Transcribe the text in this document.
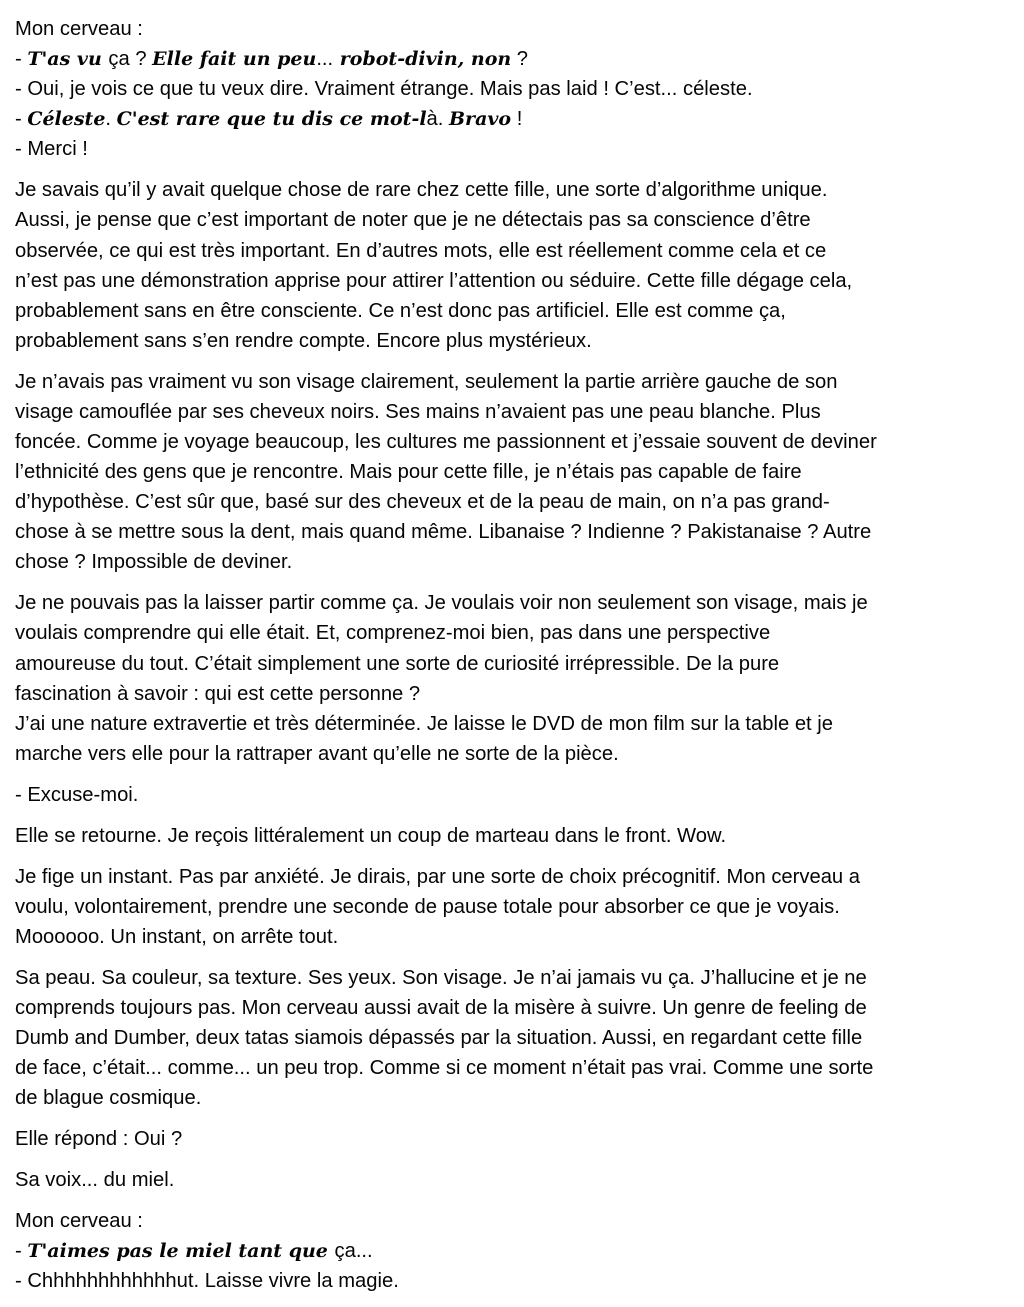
Mon cerveau :
- T'as vu ça ? Elle fait un peu... robot-divin, non ?
- Oui, je vois ce que tu veux dire. Vraiment étrange. Mais pas laid ! C’est... céleste.
- Céleste. C'est rare que tu dis ce mot-là. Bravo !
- Merci !
Je savais qu’il y avait quelque chose de rare chez cette fille, une sorte d’algorithme unique.
Aussi, je pense que c’est important de noter que je ne détectais pas sa conscience d’être
observée, ce qui est très important. En d’autres mots, elle est réellement comme cela et ce
n’est pas une démonstration apprise pour attirer l’attention ou séduire. Cette fille dégage cela,
probablement sans en être consciente. Ce n’est donc pas artificiel. Elle est comme ça,
probablement sans s’en rendre compte. Encore plus mystérieux.
Je n’avais pas vraiment vu son visage clairement, seulement la partie arrière gauche de son
visage camouflée par ses cheveux noirs. Ses mains n’avaient pas une peau blanche. Plus
foncée. Comme je voyage beaucoup, les cultures me passionnent et j’essaie souvent de deviner
l’ethnicité des gens que je rencontre. Mais pour cette fille, je n’étais pas capable de faire
d’hypothèse. C’est sûr que, basé sur des cheveux et de la peau de main, on n’a pas grand-
chose à se mettre sous la dent, mais quand même. Libanaise ? Indienne ? Pakistanaise ? Autre
chose ? Impossible de deviner.
Je ne pouvais pas la laisser partir comme ça. Je voulais voir non seulement son visage, mais je
voulais comprendre qui elle était. Et, comprenez-moi bien, pas dans une perspective
amoureuse du tout. C’était simplement une sorte de curiosité irrépressible. De la pure
fascination à savoir : qui est cette personne ?
J’ai une nature extravertie et très déterminée. Je laisse le DVD de mon film sur la table et je
marche vers elle pour la rattraper avant qu’elle ne sorte de la pièce.
- Excuse-moi.
Elle se retourne. Je reçois littéralement un coup de marteau dans le front. Wow.
Je fige un instant. Pas par anxiété. Je dirais, par une sorte de choix précognitif. Mon cerveau a
voulu, volontairement, prendre une seconde de pause totale pour absorber ce que je voyais.
Moooooo. Un instant, on arrête tout.
Sa peau. Sa couleur, sa texture. Ses yeux. Son visage. Je n’ai jamais vu ça. J’hallucine et je ne
comprends toujours pas. Mon cerveau aussi avait de la misère à suivre. Un genre de feeling de
Dumb and Dumber, deux tatas siamois dépassés par la situation. Aussi, en regardant cette fille
de face, c’était... comme... un peu trop. Comme si ce moment n’était pas vrai. Comme une sorte
de blague cosmique.
Elle répond : Oui ?
Sa voix... du miel.
Mon cerveau :
- T'aimes pas le miel tant que ça...
- Chhhhhhhhhhhhut. Laisse vivre la magie.
